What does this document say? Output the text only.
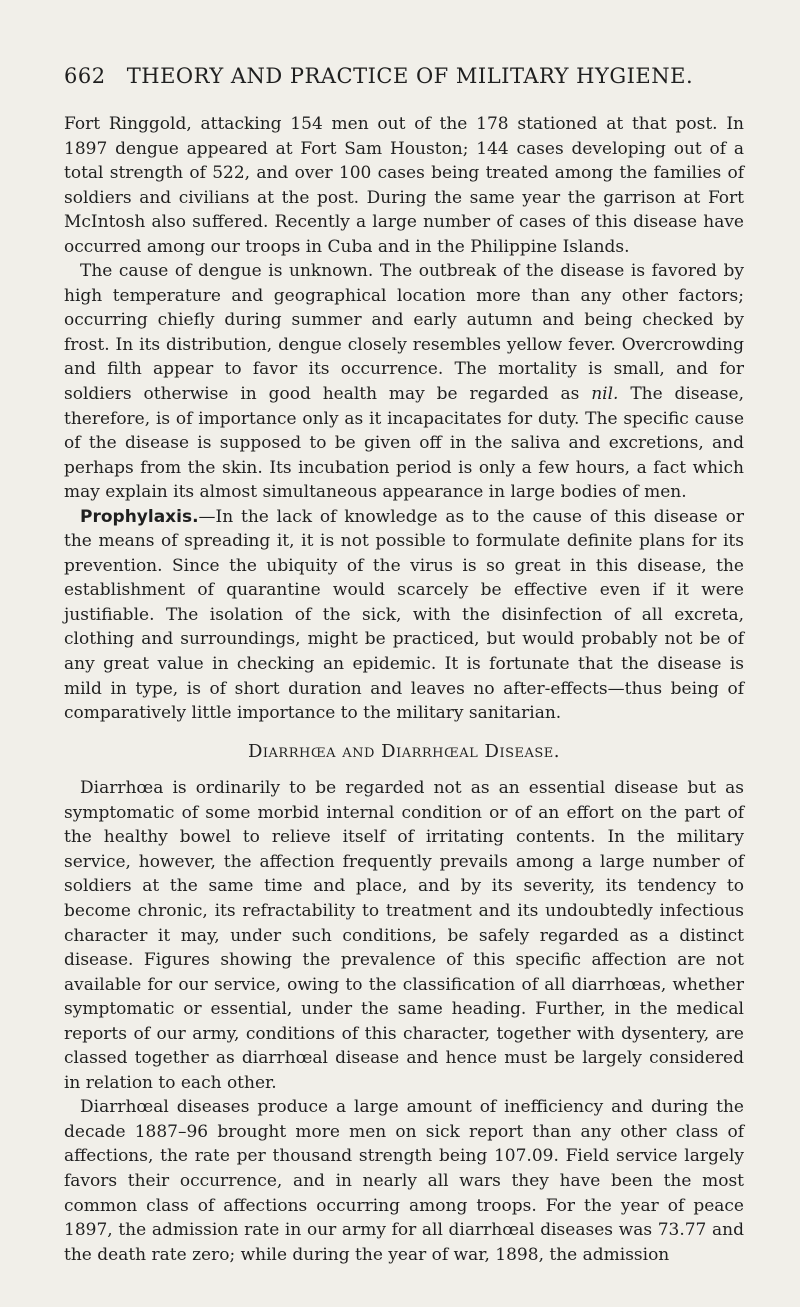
662 THEORY AND PRACTICE OF MILITARY HYGIENE.

Fort Ringgold, attacking 154 men out of the 178 stationed at that post. In 1897 dengue appeared at Fort Sam Houston; 144 cases developing out of a total strength of 522, and over 100 cases being treated among the families of soldiers and civilians at the post. During the same year the garrison at Fort McIntosh also suffered. Recently a large number of cases of this disease have occurred among our troops in Cuba and in the Philippine Islands.

The cause of dengue is unknown. The outbreak of the disease is favored by high temperature and geographical location more than any other factors; occurring chiefly during summer and early autumn and being checked by frost. In its distribution, dengue closely resembles yellow fever. Overcrowding and filth appear to favor its occurrence. The mortality is small, and for soldiers otherwise in good health may be regarded as nil. The disease, therefore, is of importance only as it incapacitates for duty. The specific cause of the disease is supposed to be given off in the saliva and excretions, and perhaps from the skin. Its incubation period is only a few hours, a fact which may explain its almost simultaneous appearance in large bodies of men.

Prophylaxis.—In the lack of knowledge as to the cause of this disease or the means of spreading it, it is not possible to formulate definite plans for its prevention. Since the ubiquity of the virus is so great in this disease, the establishment of quarantine would scarcely be effective even if it were justifiable. The isolation of the sick, with the disinfection of all excreta, clothing and surroundings, might be practiced, but would probably not be of any great value in checking an epidemic. It is fortunate that the disease is mild in type, is of short duration and leaves no after-effects—thus being of comparatively little importance to the military sanitarian.

Diarrhœa and Diarrhœal Disease.

Diarrhœa is ordinarily to be regarded not as an essential disease but as symptomatic of some morbid internal condition or of an effort on the part of the healthy bowel to relieve itself of irritating contents. In the military service, however, the affection frequently prevails among a large number of soldiers at the same time and place, and by its severity, its tendency to become chronic, its refractability to treatment and its undoubtedly infectious character it may, under such conditions, be safely regarded as a distinct disease. Figures showing the prevalence of this specific affection are not available for our service, owing to the classification of all diarrhœas, whether symptomatic or essential, under the same heading. Further, in the medical reports of our army, conditions of this character, together with dysentery, are classed together as diarrhœal disease and hence must be largely considered in relation to each other.

Diarrhœal diseases produce a large amount of inefficiency and during the decade 1887–96 brought more men on sick report than any other class of affections, the rate per thousand strength being 107.09. Field service largely favors their occurrence, and in nearly all wars they have been the most common class of affections occurring among troops. For the year of peace 1897, the admission rate in our army for all diarrhœal diseases was 73.77 and the death rate zero; while during the year of war, 1898, the admission
